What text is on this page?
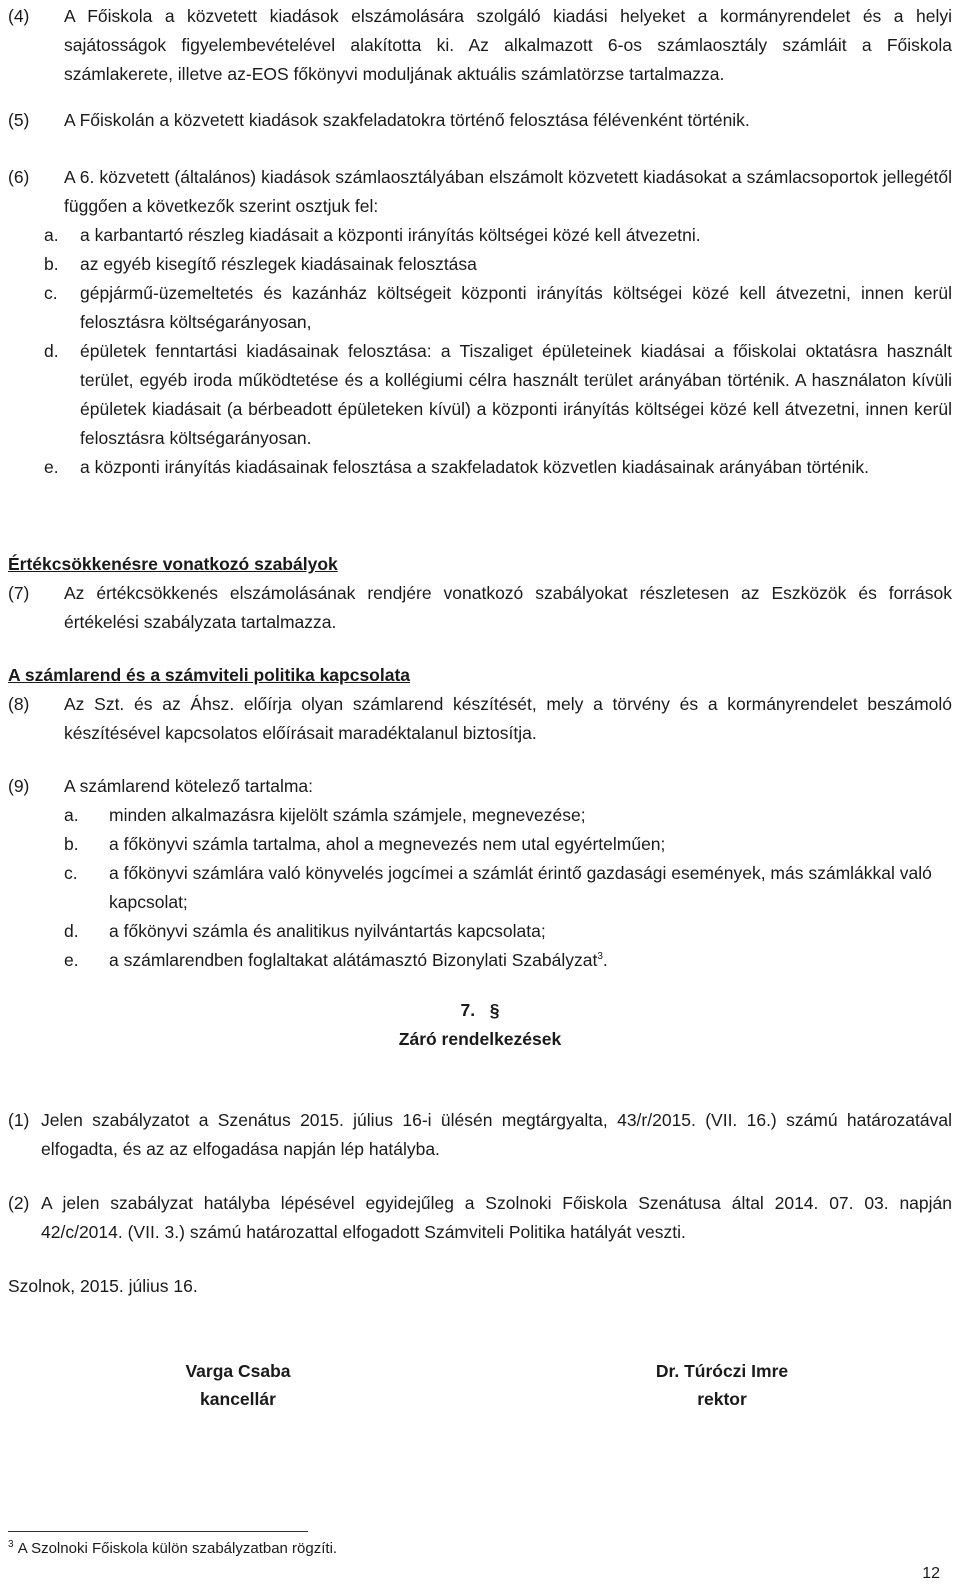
(4) A Főiskola a közvetett kiadások elszámolására szolgáló kiadási helyeket a kormányrendelet és a helyi sajátosságok figyelembevételével alakította ki. Az alkalmazott 6-os számlaosztály számláit a Főiskola számlakerete, illetve az-EOS főkönyvi moduljának aktuális számlatörzse tartalmazza.
(5) A Főiskolán a közvetett kiadások szakfeladatokra történő felosztása félévenként történik.
(6) A 6. közvetett (általános) kiadások számlaosztályában elszámolt közvetett kiadásokat a számlacsoportok jellegétől függően a következők szerint osztjuk fel:
a. a karbantartó részleg kiadásait a központi irányítás költségei közé kell átvezetni.
b. az egyéb kisegítő részlegek kiadásainak felosztása
c. gépjármű-üzemeltetés és kazánház költségeit központi irányítás költségei közé kell átvezetni, innen kerül felosztásra költségarányosan,
d. épületek fenntartási kiadásainak felosztása: a Tiszaliget épületeinek kiadásai a főiskolai oktatásra használt terület, egyéb iroda működtetése és a kollégiumi célra használt terület arányában történik. A használaton kívüli épületek kiadásait (a bérbeadott épületeken kívül) a központi irányítás költségei közé kell átvezetni, innen kerül felosztásra költségarányosan.
e. a központi irányítás kiadásainak felosztása a szakfeladatok közvetlen kiadásainak arányában történik.
Értékcsökkenésre vonatkozó szabályok
(7) Az értékcsökkenés elszámolásának rendjére vonatkozó szabályokat részletesen az Eszközök és források értékelési szabályzata tartalmazza.
A számlarend és a számviteli politika kapcsolata
(8) Az Szt. és az Áhsz. előírja olyan számlarend készítését, mely a törvény és a kormányrendelet beszámoló készítésével kapcsolatos előírásait maradéktalanul biztosítja.
(9) A számlarend kötelező tartalma:
a. minden alkalmazásra kijelölt számla számjele, megnevezése;
b. a főkönyvi számla tartalma, ahol a megnevezés nem utal egyértelműen;
c. a főkönyvi számlára való könyvelés jogcímei a számlát érintő gazdasági események, más számlákkal való kapcsolat;
d. a főkönyvi számla és analitikus nyilvántartás kapcsolata;
e. a számlarendben foglaltakat alátámasztó Bizonylati Szabályzat$^3$.
7. §
Záró rendelkezések
(1) Jelen szabályzatot a Szenátus 2015. július 16-i ülésén megtárgyalta, 43/r/2015. (VII. 16.) számú határozatával elfogadta, és az az elfogadása napján lép hatályba.
(2) A jelen szabályzat hatályba lépésével egyidejűleg a Szolnoki Főiskola Szenátusa által 2014. 07. 03. napján 42/c/2014. (VII. 3.) számú határozattal elfogadott Számviteli Politika hatályát veszti.
Szolnok, 2015. július 16.
Varga Csaba
kancellár
Dr. Túróczi Imre
rektor
$^3$ A Szolnoki Főiskola külön szabályzatban rögzíti.
12
